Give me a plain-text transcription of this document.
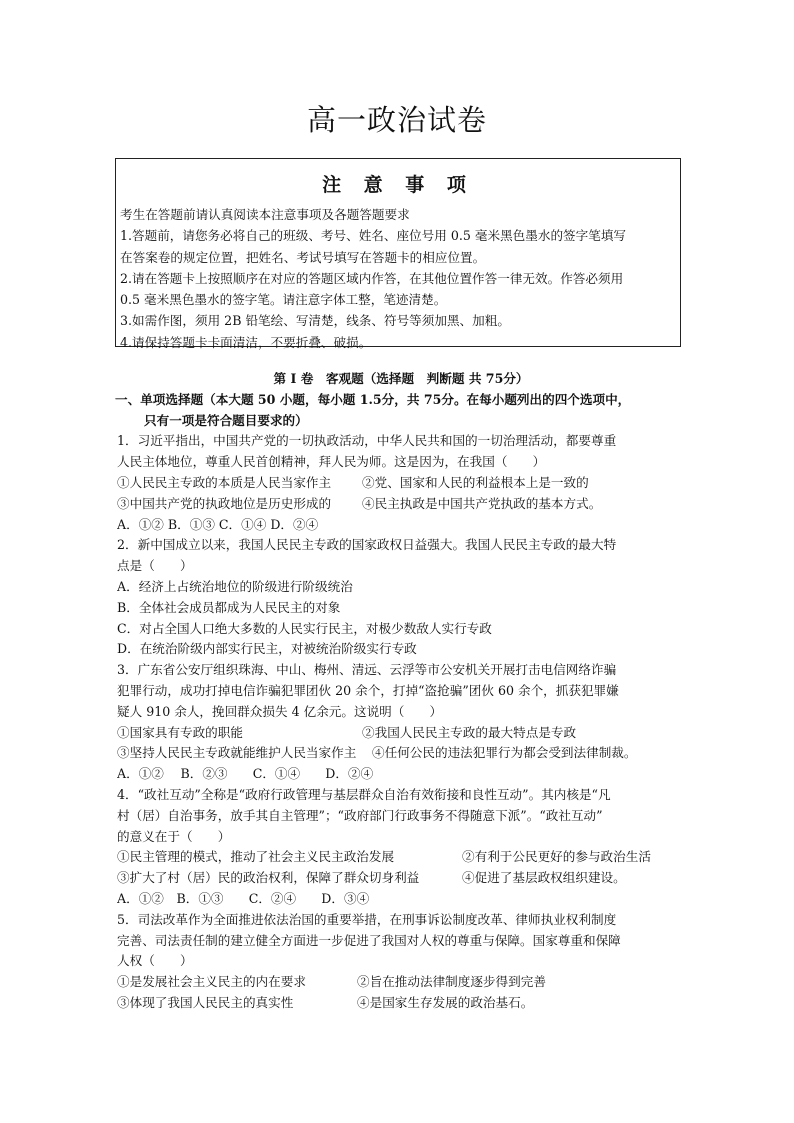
高一政治试卷
注 意 事 项
考生在答题前请认真阅读本注意事项及各题答题要求
1.答题前，请您务必将自己的班级、考号、姓名、座位号用 0.5 毫米黑色墨水的签字笔填写
在答案卷的规定位置，把姓名、考试号填写在答题卡的相应位置。
2.请在答题卡上按照顺序在对应的答题区域内作答，在其他位置作答一律无效。作答必须用
0.5 毫米黑色墨水的签字笔。请注意字体工整，笔迹清楚。
3.如需作图，须用 2B 铅笔绘、写清楚，线条、符号等须加黑、加粗。
4.请保持答题卡卡面清洁，不要折叠、破损。
第 I 卷　客观题（选择题　判断题 共 75分）
一、单项选择题（本大题 50 小题，每小题 1.5分，共 75分。在每小题列出的四个选项中，
只有一项是符合题目要求的）
1．习近平指出，中国共产党的一切执政活动，中华人民共和国的一切治理活动，都要尊重
人民主体地位，尊重人民首创精神，拜人民为师。这是因为，在我国（　　）
①人民民主专政的本质是人民当家作主	②党、国家和人民的利益根本上是一致的
③中国共产党的执政地位是历史形成的	④民主执政是中国共产党执政的基本方式。
A．①② B．①③ C．①④ D．②④
2．新中国成立以来，我国人民民主专政的国家政权日益强大。我国人民民主专政的最大特
点是（　　）
A．经济上占统治地位的阶级进行阶级统治
B．全体社会成员都成为人民民主的对象
C．对占全国人口绝大多数的人民实行民主，对极少数敌人实行专政
D．在统治阶级内部实行民主，对被统治阶级实行专政
3．广东省公安厅组织珠海、中山、梅州、清远、云浮等市公安机关开展打击电信网络诈骗
犯罪行动，成功打掉电信诈骗犯罪团伙 20 余个，打掉“盗抢骗”团伙 60 余个，抓获犯罪嫌
疑人 910 余人，挽回群众损失 4 亿余元。这说明（　　）
①国家具有专政的职能	②我国人民民主专政的最大特点是专政
③坚持人民民主专政就能维护人民当家作主	④任何公民的违法犯罪行为都会受到法律制裁。
A．①②　 B．②③　　C．①④　　D．②④
4．“政社互动”全称是“政府行政管理与基层群众自治有效衔接和良性互动”。其内核是“凡
村（居）自治事务，放手其自主管理”；“政府部门行政事务不得随意下派”。“政社互动”
的意义在于（　　）
①民主管理的模式，推动了社会主义民主政治发展	②有利于公民更好的参与政治生活
③扩大了村（居）民的政治权利，保障了群众切身利益	④促进了基层政权组织建设。
A．①②　B．①③　　C．②④　　D．③④
5．司法改革作为全面推进依法治国的重要举措，在刑事诉讼制度改革、律师执业权利制度
完善、司法责任制的建立健全方面进一步促进了我国对人权的尊重与保障。国家尊重和保障
人权（　　）
①是发展社会主义民主的内在要求	②旨在推动法律制度逐步得到完善
③体现了我国人民民主的真实性	④是国家生存发展的政治基石。
